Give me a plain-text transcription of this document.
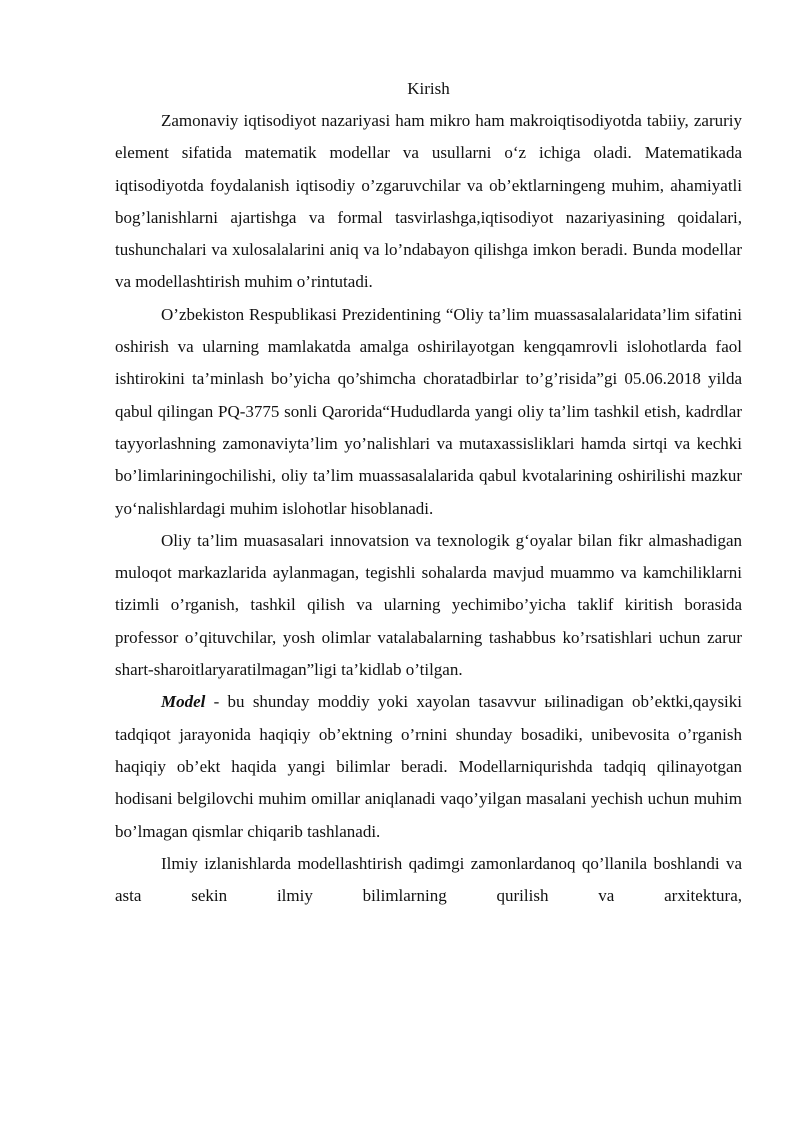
Kirish

Zamonaviy iqtisodiyot nazariyasi ham mikro ham makroiqtisodiyotda tabiiy, zaruriy element sifatida matematik modellar va usullarni o‘z ichiga oladi. Matematikada iqtisodiyotda foydalanish iqtisodiy o’zgaruvchilar va ob’ektlarningeng muhim, ahamiyatli bog’lanishlarni ajartishga va formal tasvirlashga,iqtisodiyot nazariyasining qoidalari, tushunchalari va xulosalalarini aniq va lo’ndabayon qilishga imkon beradi. Bunda modellar va modellashtirish muhim o’rintutadi.

O’zbekiston Respublikasi Prezidentining “Oliy ta’lim muassasalalaridata’lim sifatini oshirish va ularning mamlakatda amalga oshirilayotgan kengqamrovli islohotlarda faol ishtirokini ta’minlash bo’yicha qo’shimcha choratadbirlar to’g’risida”gi 05.06.2018 yilda qabul qilingan PQ-3775 sonli Qarorida“Hududlarda yangi oliy ta’lim tashkil etish, kadrdlar tayyorlashning zamonaviyta’lim yo’nalishlari va mutaxassisliklari hamda sirtqi va kechki bo’limlariningochilishi, oliy ta’lim muassasalalarida qabul kvotalarining oshirilishi mazkur yo‘nalishlardagi muhim islohotlar hisoblanadi.

Oliy ta’lim muasasalari innovatsion va texnologik g‘oyalar bilan fikr almashadigan muloqot markazlarida aylanmagan, tegishli sohalarda mavjud muammo va kamchiliklarni tizimli o’rganish, tashkil qilish va ularning yechimibo’yicha taklif kiritish borasida professor o’qituvchilar, yosh olimlar vatalabalarning tashabbus ko’rsatishlari uchun zarur shart-sharoitlaryaratilmagan”ligi ta’kidlab o’tilgan.

Model - bu shunday moddiy yoki xayolan tasavvur ыilinadigan ob’ektki,qaysiki tadqiqot jarayonida haqiqiy ob’ektning o’rnini shunday bosadiki, unibevosita o’rganish haqiqiy ob’ekt haqida yangi bilimlar beradi. Modellarniqurishda tadqiq qilinayotgan hodisani belgilovchi muhim omillar aniqlanadi vaqo’yilgan masalani yechish uchun muhim bo’lmagan qismlar chiqarib tashlanadi.

Ilmiy izlanishlarda modellashtirish qadimgi zamonlardanoq qo’llanila boshlandi va asta sekin ilmiy bilimlarning qurilish va arxitektura,
